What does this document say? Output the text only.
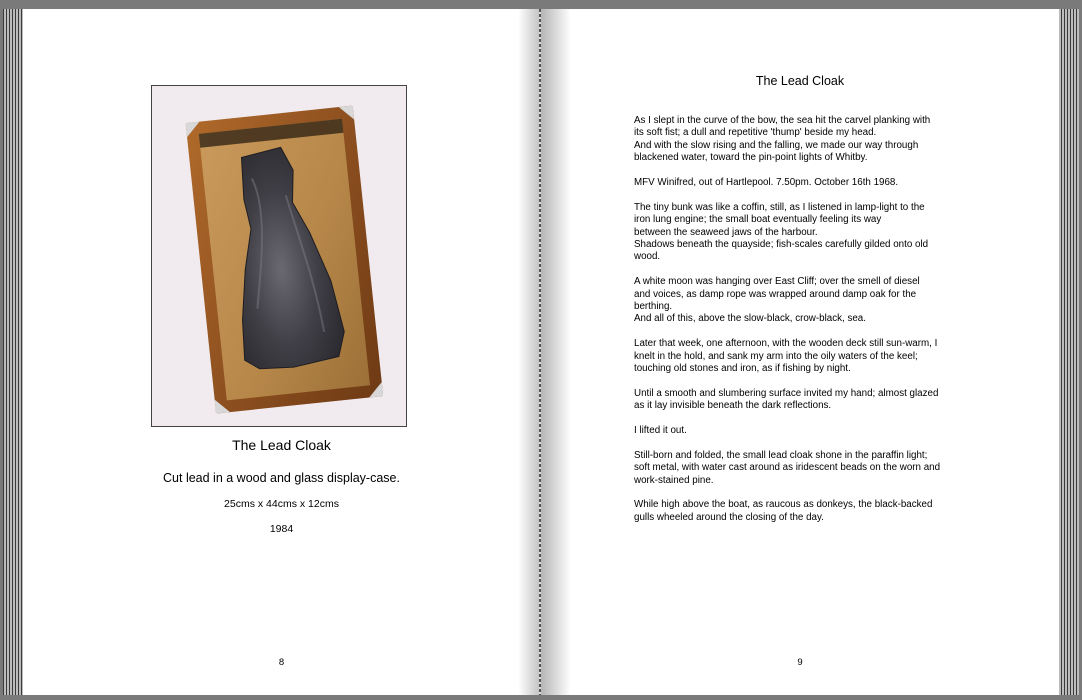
The Lead Cloak
Cut lead in a wood and glass display-case.
25cms x 44cms x 12cms
1984
8
The Lead Cloak
As I slept in the curve of the bow, the sea hit the carvel planking with
its soft fist; a dull and repetitive 'thump' beside my head.
And with the slow rising and the falling, we made our way through
blackened water, toward the pin-point lights of Whitby.
MFV Winifred, out of Hartlepool. 7.50pm. October 16th 1968.
The tiny bunk was like a coffin, still, as I listened in lamp-light to the
iron lung engine; the small boat eventually feeling its way
between the seaweed jaws of the harbour.
Shadows beneath the quayside; fish-scales carefully gilded onto old
wood.
A white moon was hanging over East Cliff; over the smell of diesel
and voices, as damp rope was wrapped around damp oak for the
berthing.
And all of this, above the slow-black, crow-black, sea.
Later that week, one afternoon, with the wooden deck still sun-warm, I
knelt in the hold, and sank my arm into the oily waters of the keel;
touching old stones and iron, as if fishing by night.
Until a smooth and slumbering surface invited my hand; almost glazed
as it lay invisible beneath the dark reflections.
I lifted it out.
Still-born and folded, the small lead cloak shone in the paraffin light;
soft metal, with water cast around as iridescent beads on the worn and
work-stained pine.
While high above the boat, as raucous as donkeys, the black-backed
gulls wheeled around the closing of the day.
9
